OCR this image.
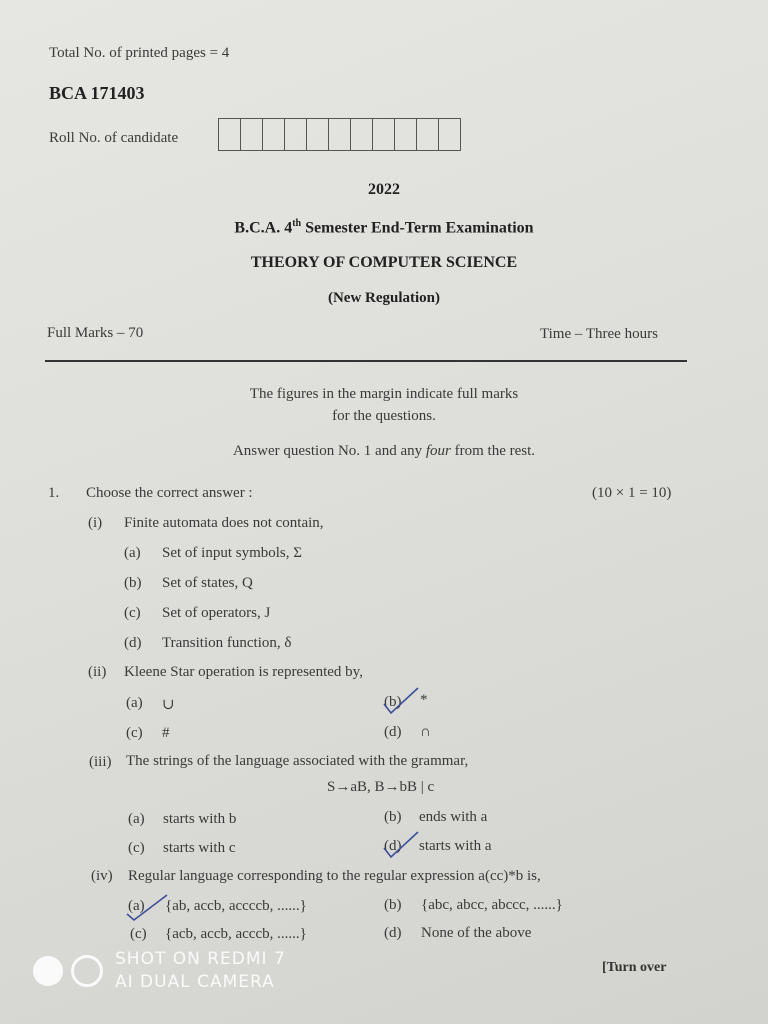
Total No. of printed pages = 4
BCA 171403
Roll No. of candidate
2022
B.C.A. 4th Semester End-Term Examination
THEORY OF COMPUTER SCIENCE
(New Regulation)
Full Marks – 70	Time – Three hours
The figures in the margin indicate full marks
for the questions.
Answer question No. 1 and any four from the rest.
1. Choose the correct answer :	(10 × 1 = 10)
(i) Finite automata does not contain,
(a) Set of input symbols, Σ
(b) Set of states, Q
(c) Set of operators, J
(d) Transition function, δ
(ii) Kleene Star operation is represented by,
(a) ∪	(b) *
(c) #	(d) ∩
(iii) The strings of the language associated with the grammar,
S→aB, B→bB | c
(a) starts with b	(b) ends with a
(c) starts with c	(d) starts with a
(iv) Regular language corresponding to the regular expression a(cc)*b is,
(a) {ab, accb, accccb, ......}	(b) {abc, abcc, abccc, ......}
(c) {acb, accb, acccb, ......}	(d) None of the above
[Turn over
SHOT ON REDMI 7
AI DUAL CAMERA
